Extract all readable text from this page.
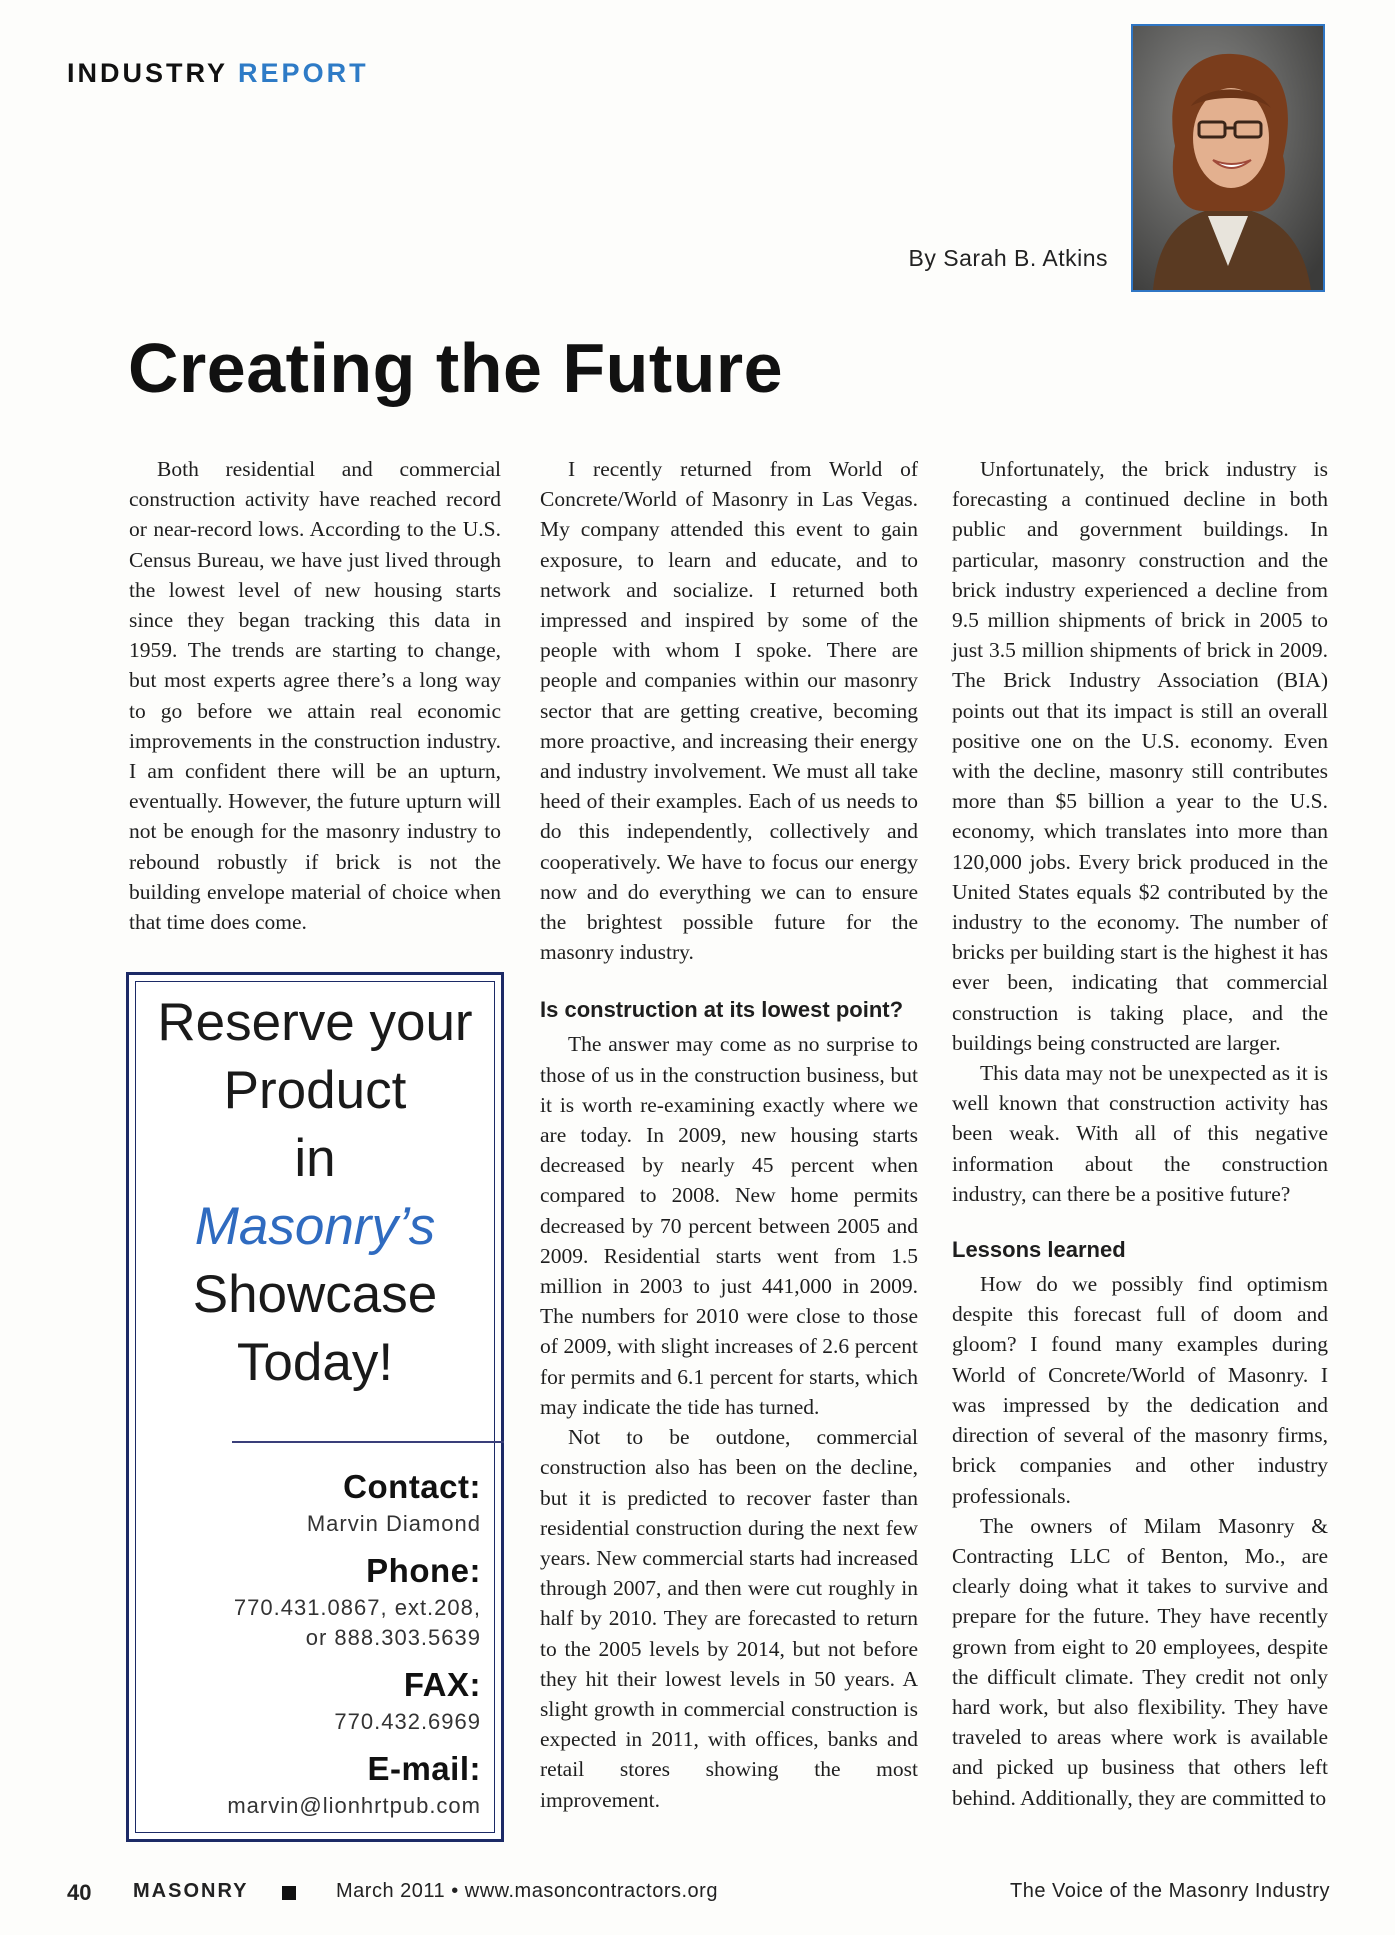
INDUSTRY REPORT
By Sarah B. Atkins
Creating the Future

Both residential and commercial construction activity have reached record or near-record lows. According to the U.S. Census Bureau, we have just lived through the lowest level of new housing starts since they began tracking this data in 1959. The trends are starting to change, but most experts agree there’s a long way to go before we attain real economic improvements in the construction industry. I am confident there will be an upturn, eventually. However, the future upturn will not be enough for the masonry industry to rebound robustly if brick is not the building envelope material of choice when that time does come.

Reserve your
Product
in
Masonry’s
Showcase
Today!
Contact:
Marvin Diamond
Phone:
770.431.0867, ext.208,
or 888.303.5639
FAX:
770.432.6969
E-mail:
marvin@lionhrtpub.com

I recently returned from World of Concrete/World of Masonry in Las Vegas. My company attended this event to gain exposure, to learn and educate, and to network and socialize. I returned both impressed and inspired by some of the people with whom I spoke. There are people and companies within our masonry sector that are getting creative, becoming more proactive, and increasing their energy and industry involvement. We must all take heed of their examples. Each of us needs to do this independently, collectively and cooperatively. We have to focus our energy now and do everything we can to ensure the brightest possible future for the masonry industry.

Is construction at its lowest point?

The answer may come as no surprise to those of us in the construction business, but it is worth re-examining exactly where we are today. In 2009, new housing starts decreased by nearly 45 percent when compared to 2008. New home permits decreased by 70 percent between 2005 and 2009. Residential starts went from 1.5 million in 2003 to just 441,000 in 2009. The numbers for 2010 were close to those of 2009, with slight increases of 2.6 percent for permits and 6.1 percent for starts, which may indicate the tide has turned.

Not to be outdone, commercial construction also has been on the decline, but it is predicted to recover faster than residential construction during the next few years. New commercial starts had increased through 2007, and then were cut roughly in half by 2010. They are forecasted to return to the 2005 levels by 2014, but not before they hit their lowest levels in 50 years. A slight growth in commercial construction is expected in 2011, with offices, banks and retail stores showing the most improvement.

Unfortunately, the brick industry is forecasting a continued decline in both public and government buildings. In particular, masonry construction and the brick industry experienced a decline from 9.5 million shipments of brick in 2005 to just 3.5 million shipments of brick in 2009. The Brick Industry Association (BIA) points out that its impact is still an overall positive one on the U.S. economy. Even with the decline, masonry still contributes more than $5 billion a year to the U.S. economy, which translates into more than 120,000 jobs. Every brick produced in the United States equals $2 contributed by the industry to the economy. The number of bricks per building start is the highest it has ever been, indicating that commercial construction is taking place, and the buildings being constructed are larger.

This data may not be unexpected as it is well known that construction activity has been weak. With all of this negative information about the construction industry, can there be a positive future?

Lessons learned

How do we possibly find optimism despite this forecast full of doom and gloom? I found many examples during World of Concrete/World of Masonry. I was impressed by the dedication and direction of several of the masonry firms, brick companies and other industry professionals.

The owners of Milam Masonry & Contracting LLC of Benton, Mo., are clearly doing what it takes to survive and prepare for the future. They have recently grown from eight to 20 employees, despite the difficult climate. They credit not only hard work, but also flexibility. They have traveled to areas where work is available and picked up business that others left behind. Additionally, they are committed to

40 MASONRY	March 2011 • www.masoncontractors.org	The Voice of the Masonry Industry
